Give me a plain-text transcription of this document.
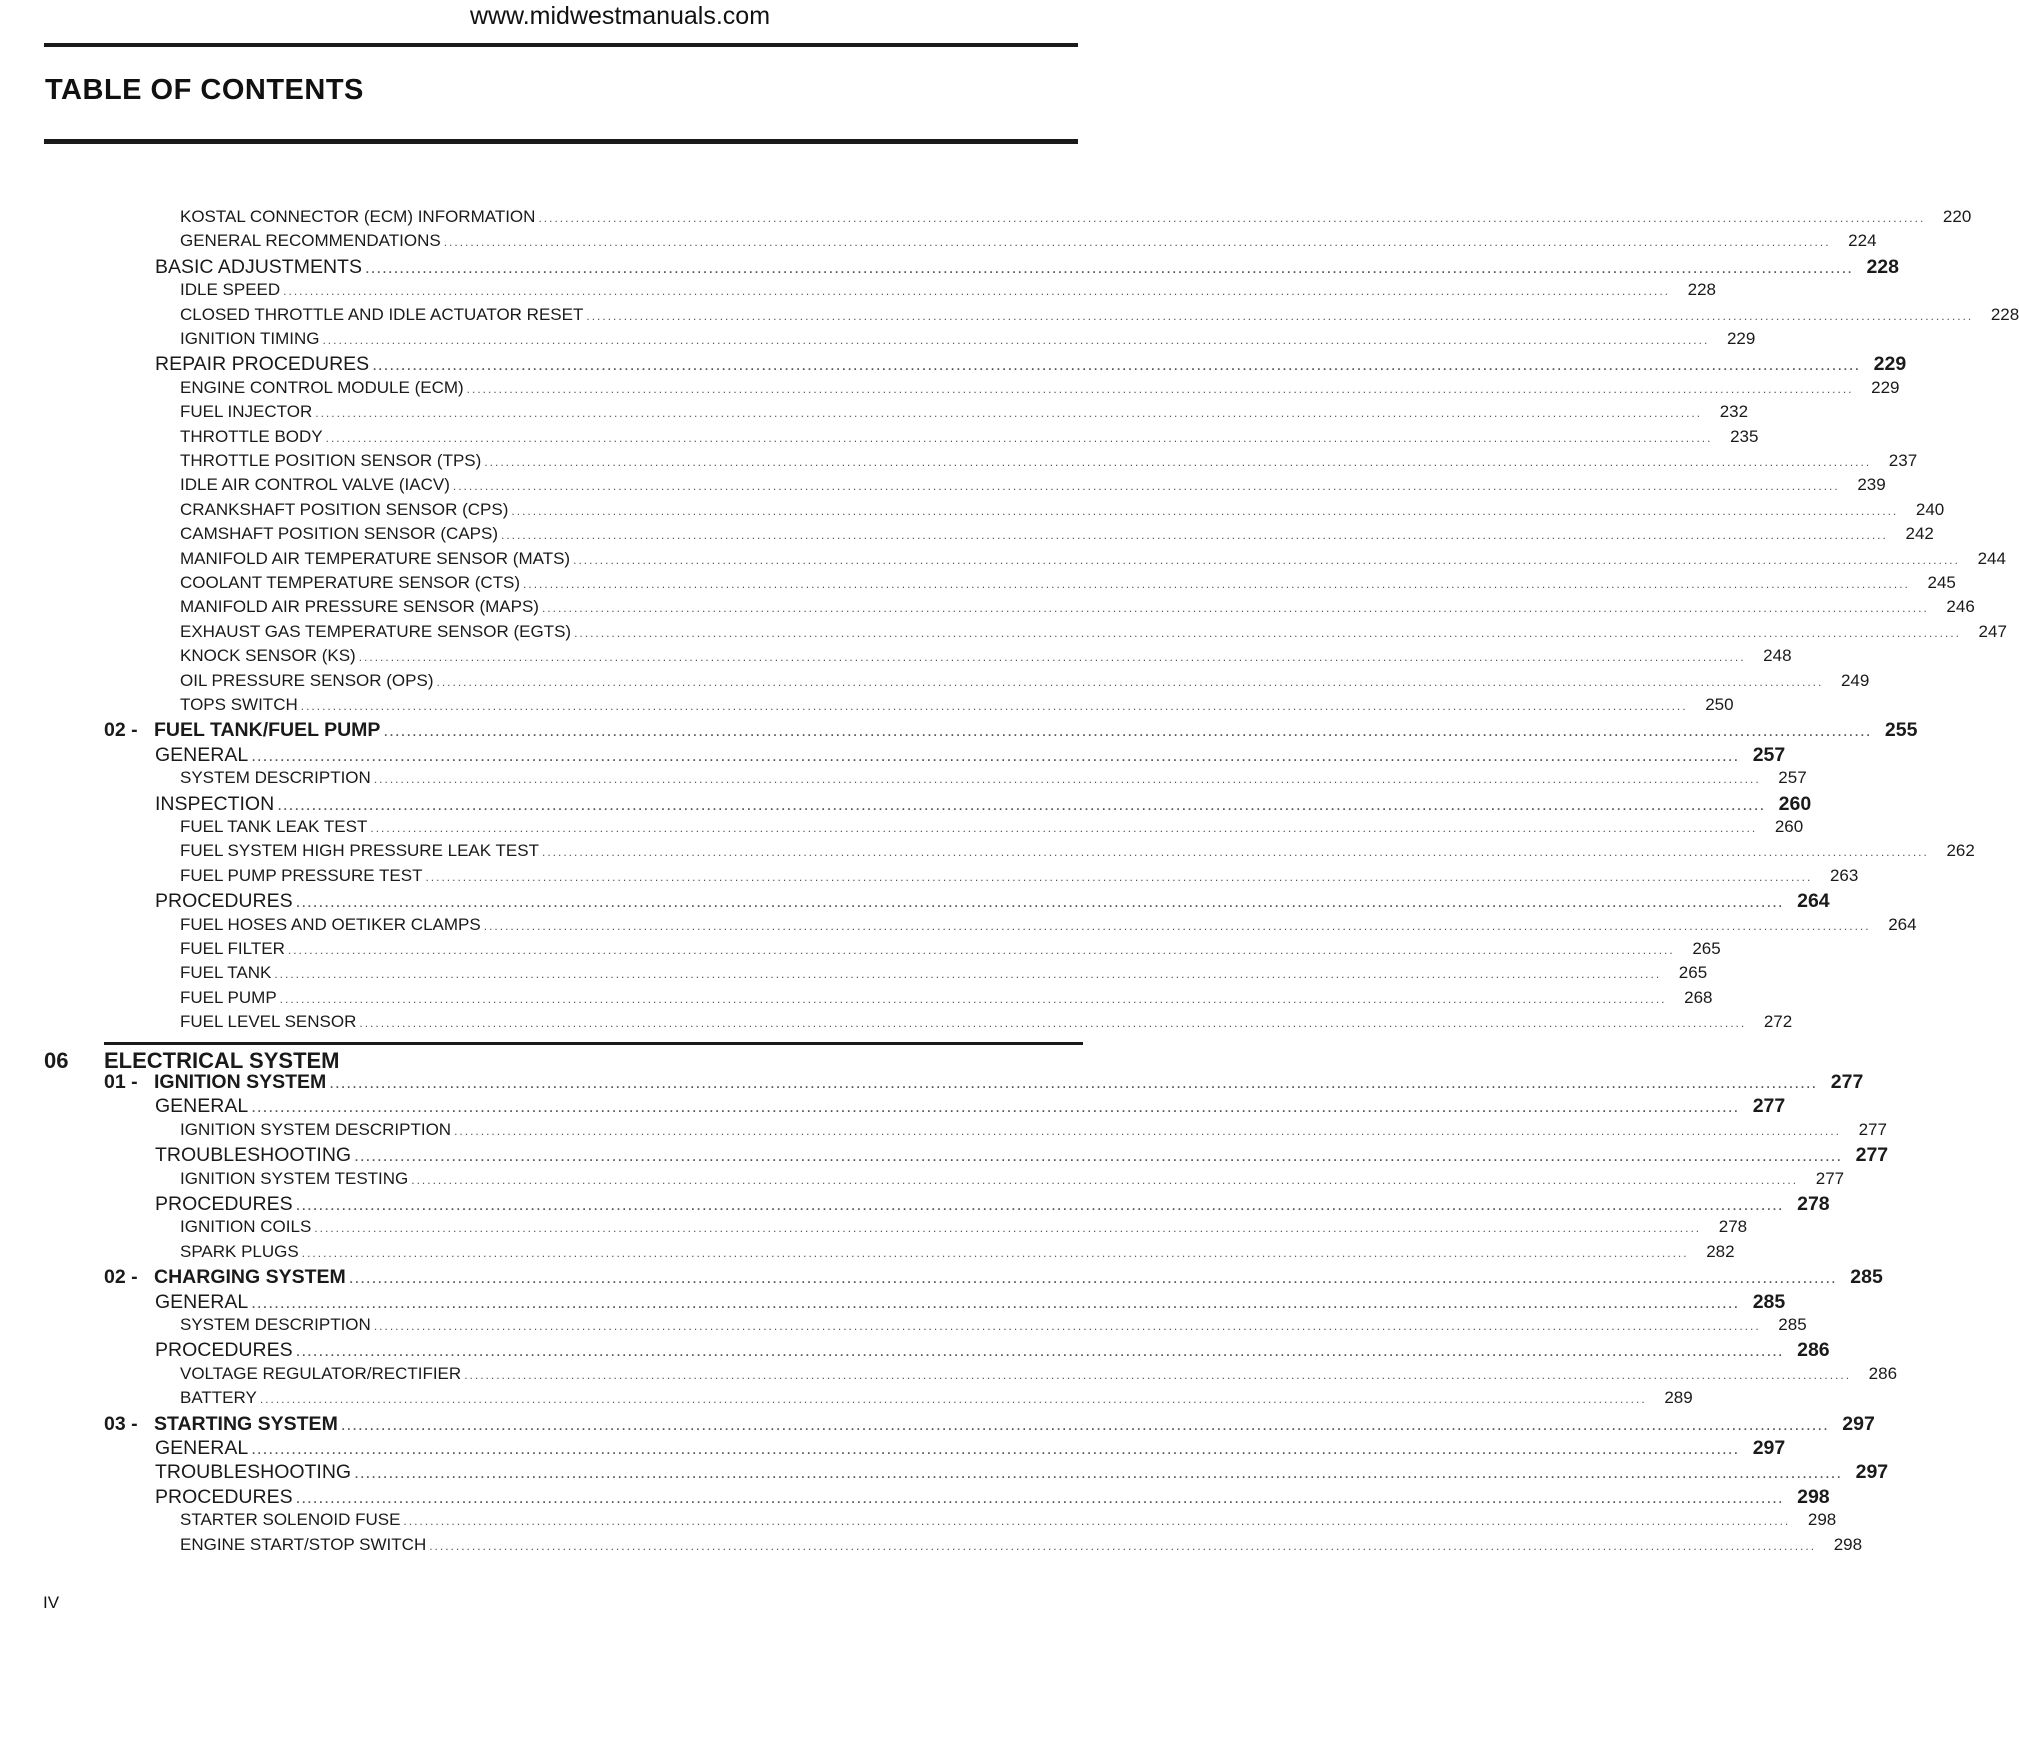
www.midwestmanuals.com
TABLE OF CONTENTS
KOSTAL CONNECTOR (ECM) INFORMATION ....................................................................................................................................................................................................................................................................	220
GENERAL RECOMMENDATIONS ....................................................................................................................................................................................................................................................................	224
BASIC ADJUSTMENTS .................................................................................................................................................................................................................................................................... 228
IDLE SPEED ....................................................................................................................................................................................................................................................................	228
CLOSED THROTTLE AND IDLE ACTUATOR RESET ....................................................................................................................................................................................................................................................................	228
IGNITION TIMING ....................................................................................................................................................................................................................................................................	229
REPAIR PROCEDURES .................................................................................................................................................................................................................................................................... 229
ENGINE CONTROL MODULE (ECM) ....................................................................................................................................................................................................................................................................	229
FUEL INJECTOR ....................................................................................................................................................................................................................................................................	232
THROTTLE BODY ....................................................................................................................................................................................................................................................................	235
THROTTLE POSITION SENSOR (TPS) ....................................................................................................................................................................................................................................................................	237
IDLE AIR CONTROL VALVE (IACV) ....................................................................................................................................................................................................................................................................	239
CRANKSHAFT POSITION SENSOR (CPS) ....................................................................................................................................................................................................................................................................	240
CAMSHAFT POSITION SENSOR (CAPS) ....................................................................................................................................................................................................................................................................	242
MANIFOLD AIR TEMPERATURE SENSOR (MATS) ....................................................................................................................................................................................................................................................................	244
COOLANT TEMPERATURE SENSOR (CTS) ....................................................................................................................................................................................................................................................................	245
MANIFOLD AIR PRESSURE SENSOR (MAPS) ....................................................................................................................................................................................................................................................................	246
EXHAUST GAS TEMPERATURE SENSOR (EGTS) ....................................................................................................................................................................................................................................................................	247
KNOCK SENSOR (KS) ....................................................................................................................................................................................................................................................................	248
OIL PRESSURE SENSOR (OPS) ....................................................................................................................................................................................................................................................................	249
TOPS SWITCH ....................................................................................................................................................................................................................................................................	250
02 - FUEL TANK/FUEL PUMP .................................................................................................................................................................................................................................................................... 255
GENERAL .................................................................................................................................................................................................................................................................... 257
SYSTEM DESCRIPTION ....................................................................................................................................................................................................................................................................	257
INSPECTION .................................................................................................................................................................................................................................................................... 260
FUEL TANK LEAK TEST ....................................................................................................................................................................................................................................................................	260
FUEL SYSTEM HIGH PRESSURE LEAK TEST ....................................................................................................................................................................................................................................................................	262
FUEL PUMP PRESSURE TEST ....................................................................................................................................................................................................................................................................	263
PROCEDURES .................................................................................................................................................................................................................................................................... 264
FUEL HOSES AND OETIKER CLAMPS ....................................................................................................................................................................................................................................................................	264
FUEL FILTER ....................................................................................................................................................................................................................................................................	265
FUEL TANK ....................................................................................................................................................................................................................................................................	265
FUEL PUMP ....................................................................................................................................................................................................................................................................	268
FUEL LEVEL SENSOR ....................................................................................................................................................................................................................................................................	272
06 ELECTRICAL SYSTEM
01 - IGNITION SYSTEM .................................................................................................................................................................................................................................................................... 277
GENERAL .................................................................................................................................................................................................................................................................... 277
IGNITION SYSTEM DESCRIPTION ....................................................................................................................................................................................................................................................................	277
TROUBLESHOOTING .................................................................................................................................................................................................................................................................... 277
IGNITION SYSTEM TESTING ....................................................................................................................................................................................................................................................................	277
PROCEDURES .................................................................................................................................................................................................................................................................... 278
IGNITION COILS ....................................................................................................................................................................................................................................................................	278
SPARK PLUGS ....................................................................................................................................................................................................................................................................	282
02 - CHARGING SYSTEM .................................................................................................................................................................................................................................................................... 285
GENERAL .................................................................................................................................................................................................................................................................... 285
SYSTEM DESCRIPTION ....................................................................................................................................................................................................................................................................	285
PROCEDURES .................................................................................................................................................................................................................................................................... 286
VOLTAGE REGULATOR/RECTIFIER ....................................................................................................................................................................................................................................................................	286
BATTERY ....................................................................................................................................................................................................................................................................	289
03 - STARTING SYSTEM .................................................................................................................................................................................................................................................................... 297
GENERAL .................................................................................................................................................................................................................................................................... 297
TROUBLESHOOTING .................................................................................................................................................................................................................................................................... 297
PROCEDURES .................................................................................................................................................................................................................................................................... 298
STARTER SOLENOID FUSE ....................................................................................................................................................................................................................................................................	298
ENGINE START/STOP SWITCH ....................................................................................................................................................................................................................................................................	298
IV
